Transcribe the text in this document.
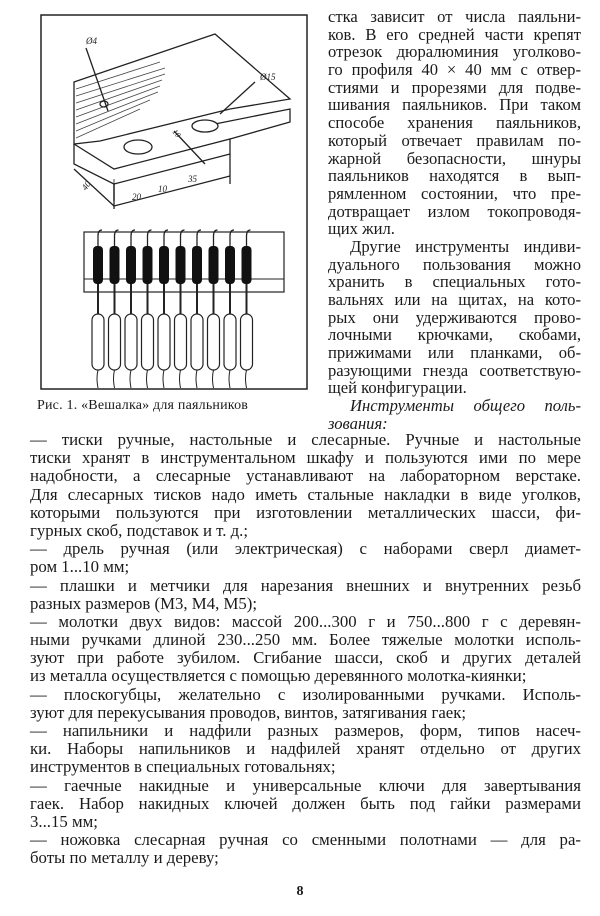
Ø4
Ø15
10
20
10
35
40
Рис. 1. «Вешалка» для паяльников
стка зависит от числа паяльни-
ков. В его средней части крепят
отрезок дюралюминия уголково-
го профиля 40 × 40 мм с отвер-
стиями и прорезями для подве-
шивания паяльников. При таком
способе хранения паяльников,
который отвечает правилам по-
жарной безопасности, шнуры
паяльников находятся в вып-
рямленном состоянии, что пре-
дотвращает излом токопроводя-
щих жил.
Другие инструменты индиви-
дуального пользования можно
хранить в специальных гото-
вальнях или на щитах, на кото-
рых они удерживаются прово-
лочными крючками, скобами,
прижимами или планками, об-
разующими гнезда соответствую-
щей конфигурации.
Инструменты общего поль-
зования:
— тиски ручные, настольные и слесарные. Ручные и настольные
тиски хранят в инструментальном шкафу и пользуются ими по мере
надобности, а слесарные устанавливают на лабораторном верстаке.
Для слесарных тисков надо иметь стальные накладки в виде уголков,
которыми пользуются при изготовлении металлических шасси, фи-
гурных скоб, подставок и т. д.;
— дрель ручная (или электрическая) с наборами сверл диамет-
ром 1...10 мм;
— плашки и метчики для нарезания внешних и внутренних резьб
разных размеров (М3, М4, М5);
— молотки двух видов: массой 200...300 г и 750...800 г с деревян-
ными ручками длиной 230...250 мм. Более тяжелые молотки исполь-
зуют при работе зубилом. Сгибание шасси, скоб и других деталей
из металла осуществляется с помощью деревянного молотка-киянки;
— плоскогубцы, желательно с изолированными ручками. Исполь-
зуют для перекусывания проводов, винтов, затягивания гаек;
— напильники и надфили разных размеров, форм, типов насеч-
ки. Наборы напильников и надфилей хранят отдельно от других
инструментов в специальных готовальнях;
— гаечные накидные и универсальные ключи для завертывания
гаек. Набор накидных ключей должен быть под гайки размерами
3...15 мм;
— ножовка слесарная ручная со сменными полотнами — для ра-
боты по металлу и дереву;
8
